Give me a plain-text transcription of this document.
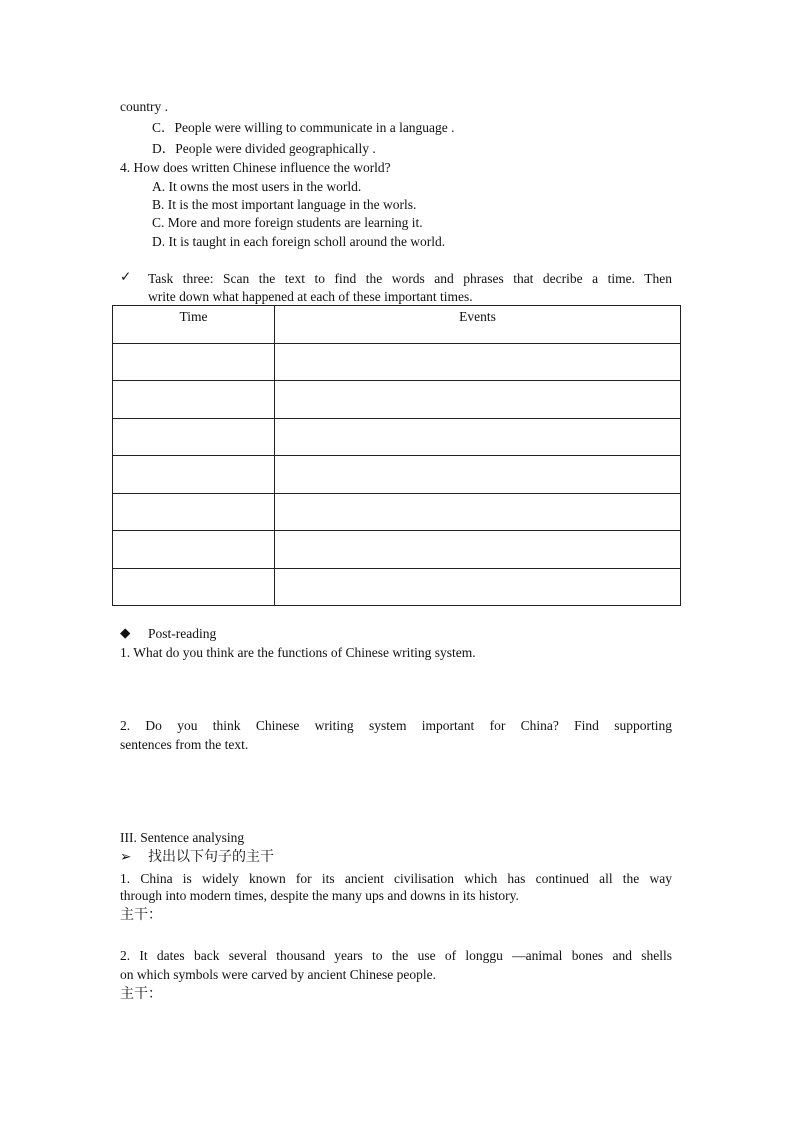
country .
C．People were willing to communicate in a language .
D．People were divided geographically .
4. How does written Chinese influence the world?
A. It owns the most users in the world.
B. It is the most important language in the worls.
C. More and more foreign students are learning it.
D. It is taught in each foreign scholl around the world.
✓ Task three: Scan the text to find the words and phrases that decribe a time. Then
write down what happened at each of these important times.
Time	Events

◆ Post-reading
1. What do you think are the functions of Chinese writing system.
2. Do you think Chinese writing system important for China? Find supporting
sentences from the text.
III. Sentence analysing
➢ 找出以下句子的主干
1. China is widely known for its ancient civilisation which has continued all the way
through into modern times, despite the many ups and downs in its history.
主干：
2. It dates back several thousand years to the use of longgu —animal bones and shells
on which symbols were carved by ancient Chinese people.
主干：
